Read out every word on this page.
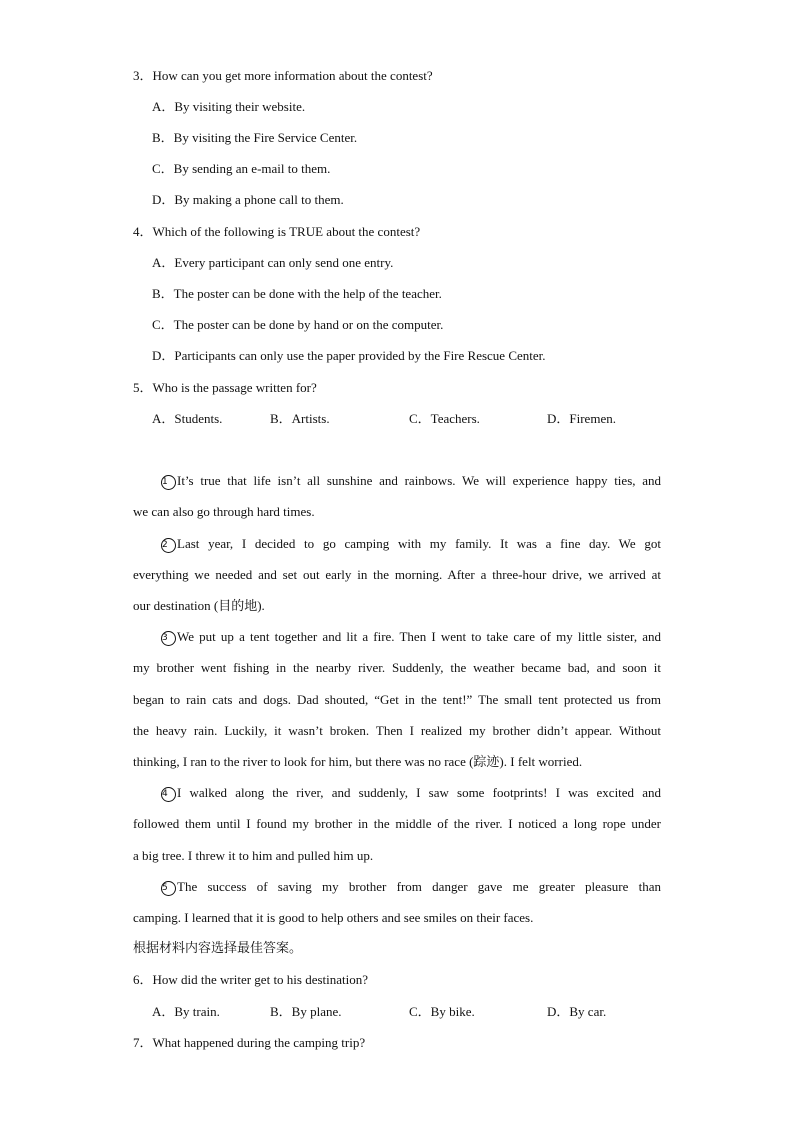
3．How can you get more information about the contest?
A．By visiting their website.
B．By visiting the Fire Service Center.
C．By sending an e-mail to them.
D．By making a phone call to them.
4．Which of the following is TRUE about the contest?
A．Every participant can only send one entry.
B．The poster can be done with the help of the teacher.
C．The poster can be done by hand or on the computer.
D．Participants can only use the paper provided by the Fire Rescue Center.
5．Who is the passage written for?
A．Students.	B．Artists.	C．Teachers.	D．Firemen.
1 It’s true that life isn’t all sunshine and rainbows. We will experience happy ties, and
we can also go through hard times.
2 Last year, I decided to go camping with my family. It was a fine day. We got
everything we needed and set out early in the morning. After a three-hour drive, we arrived at
our destination (目的地).
3 We put up a tent together and lit a fire. Then I went to take care of my little sister, and
my brother went fishing in the nearby river. Suddenly, the weather became bad, and soon it
began to rain cats and dogs. Dad shouted, “Get in the tent!” The small tent protected us from
the heavy rain. Luckily, it wasn’t broken. Then I realized my brother didn’t appear. Without
thinking, I ran to the river to look for him, but there was no race (踪迹). I felt worried.
4 I walked along the river, and suddenly, I saw some footprints! I was excited and
followed them until I found my brother in the middle of the river. I noticed a long rope under
a big tree. I threw it to him and pulled him up.
5 The success of saving my brother from danger gave me greater pleasure than
camping. I learned that it is good to help others and see smiles on their faces.
根据材料内容选择最佳答案。
6．How did the writer get to his destination?
A．By train.	B．By plane.	C．By bike.	D．By car.
7．What happened during the camping trip?
